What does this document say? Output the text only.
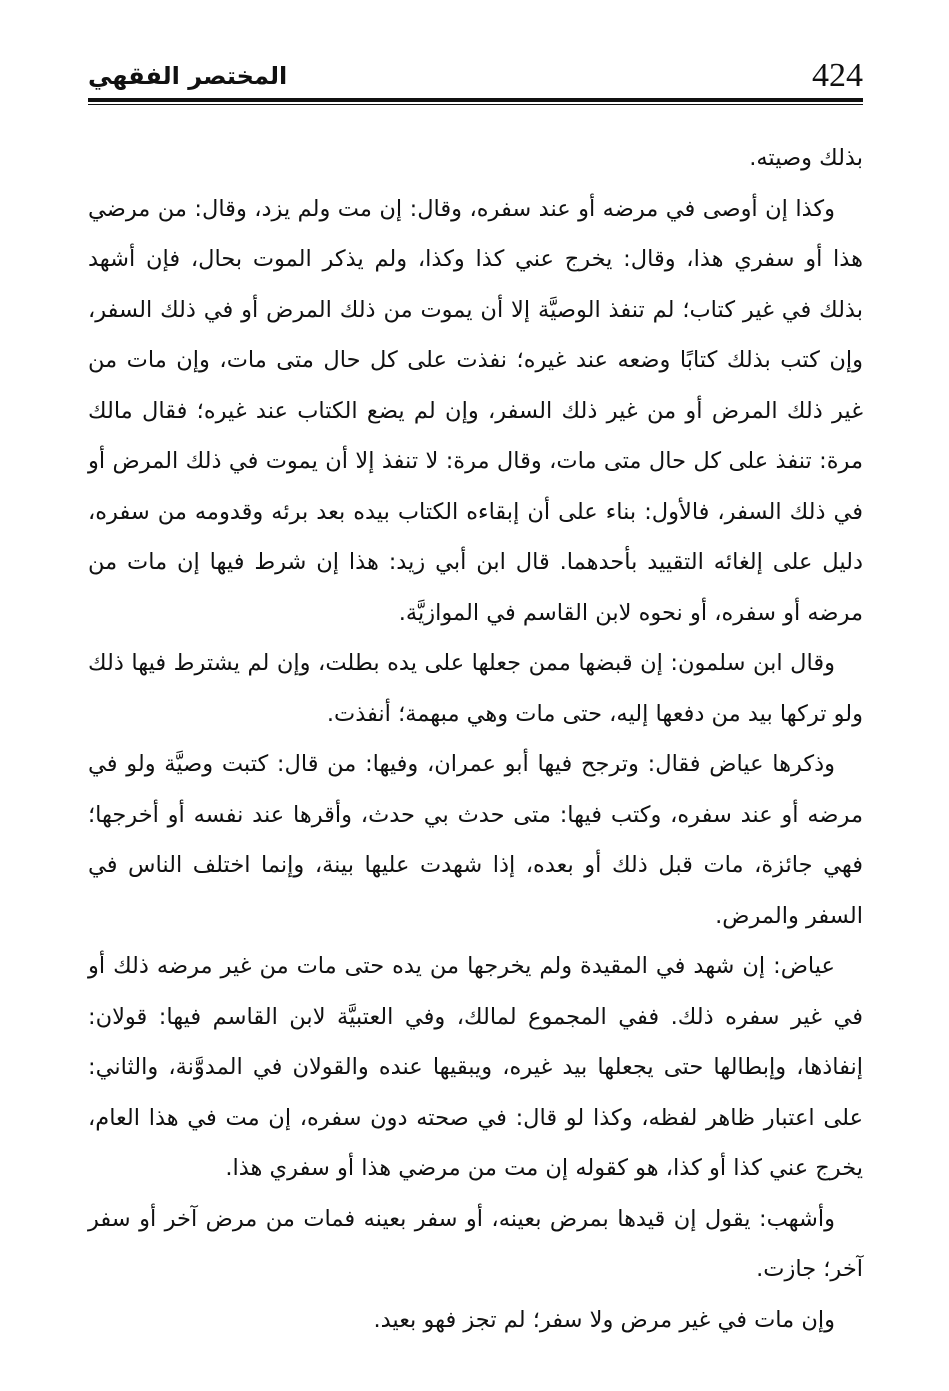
424
المختصر الفقهي

بذلك وصيته.

وكذا إن أوصى في مرضه أو عند سفره، وقال: إن مت ولم يزد، وقال: من مرضي هذا أو سفري هذا، وقال: يخرج عني كذا وكذا، ولم يذكر الموت بحال، فإن أشهد بذلك في غير كتاب؛ لم تنفذ الوصيَّة إلا أن يموت من ذلك المرض أو في ذلك السفر، وإن كتب بذلك كتابًا وضعه عند غيره؛ نفذت على كل حال متى مات، وإن مات من غير ذلك المرض أو من غير ذلك السفر، وإن لم يضع الكتاب عند غيره؛ فقال مالك مرة: تنفذ على كل حال متى مات، وقال مرة: لا تنفذ إلا أن يموت في ذلك المرض أو في ذلك السفر، فالأول: بناء على أن إبقاءه الكتاب بيده بعد برئه وقدومه من سفره، دليل على إلغائه التقييد بأحدهما. قال ابن أبي زيد: هذا إن شرط فيها إن مات من مرضه أو سفره، أو نحوه لابن القاسم في الموازيَّة.

وقال ابن سلمون: إن قبضها ممن جعلها على يده بطلت، وإن لم يشترط فيها ذلك ولو تركها بيد من دفعها إليه، حتى مات وهي مبهمة؛ أنفذت.

وذكرها عياض فقال: وترجح فيها أبو عمران، وفيها: من قال: كتبت وصيَّة ولو في مرضه أو عند سفره، وكتب فيها: متى حدث بي حدث، وأقرها عند نفسه أو أخرجها؛ فهي جائزة، مات قبل ذلك أو بعده، إذا شهدت عليها بينة، وإنما اختلف الناس في السفر والمرض.

عياض: إن شهد في المقيدة ولم يخرجها من يده حتى مات من غير مرضه ذلك أو في غير سفره ذلك. ففي المجموع لمالك، وفي العتبيَّة لابن القاسم فيها: قولان: إنفاذها، وإبطالها حتى يجعلها بيد غيره، ويبقيها عنده والقولان في المدوَّنة، والثاني: على اعتبار ظاهر لفظه، وكذا لو قال: في صحته دون سفره، إن مت في هذا العام، يخرج عني كذا أو كذا، هو كقوله إن مت من مرضي هذا أو سفري هذا.

وأشهب: يقول إن قيدها بمرض بعينه، أو سفر بعينه فمات من مرض آخر أو سفر آخر؛ جازت.

وإن مات في غير مرض ولا سفر؛ لم تجز فهو بعيد.
